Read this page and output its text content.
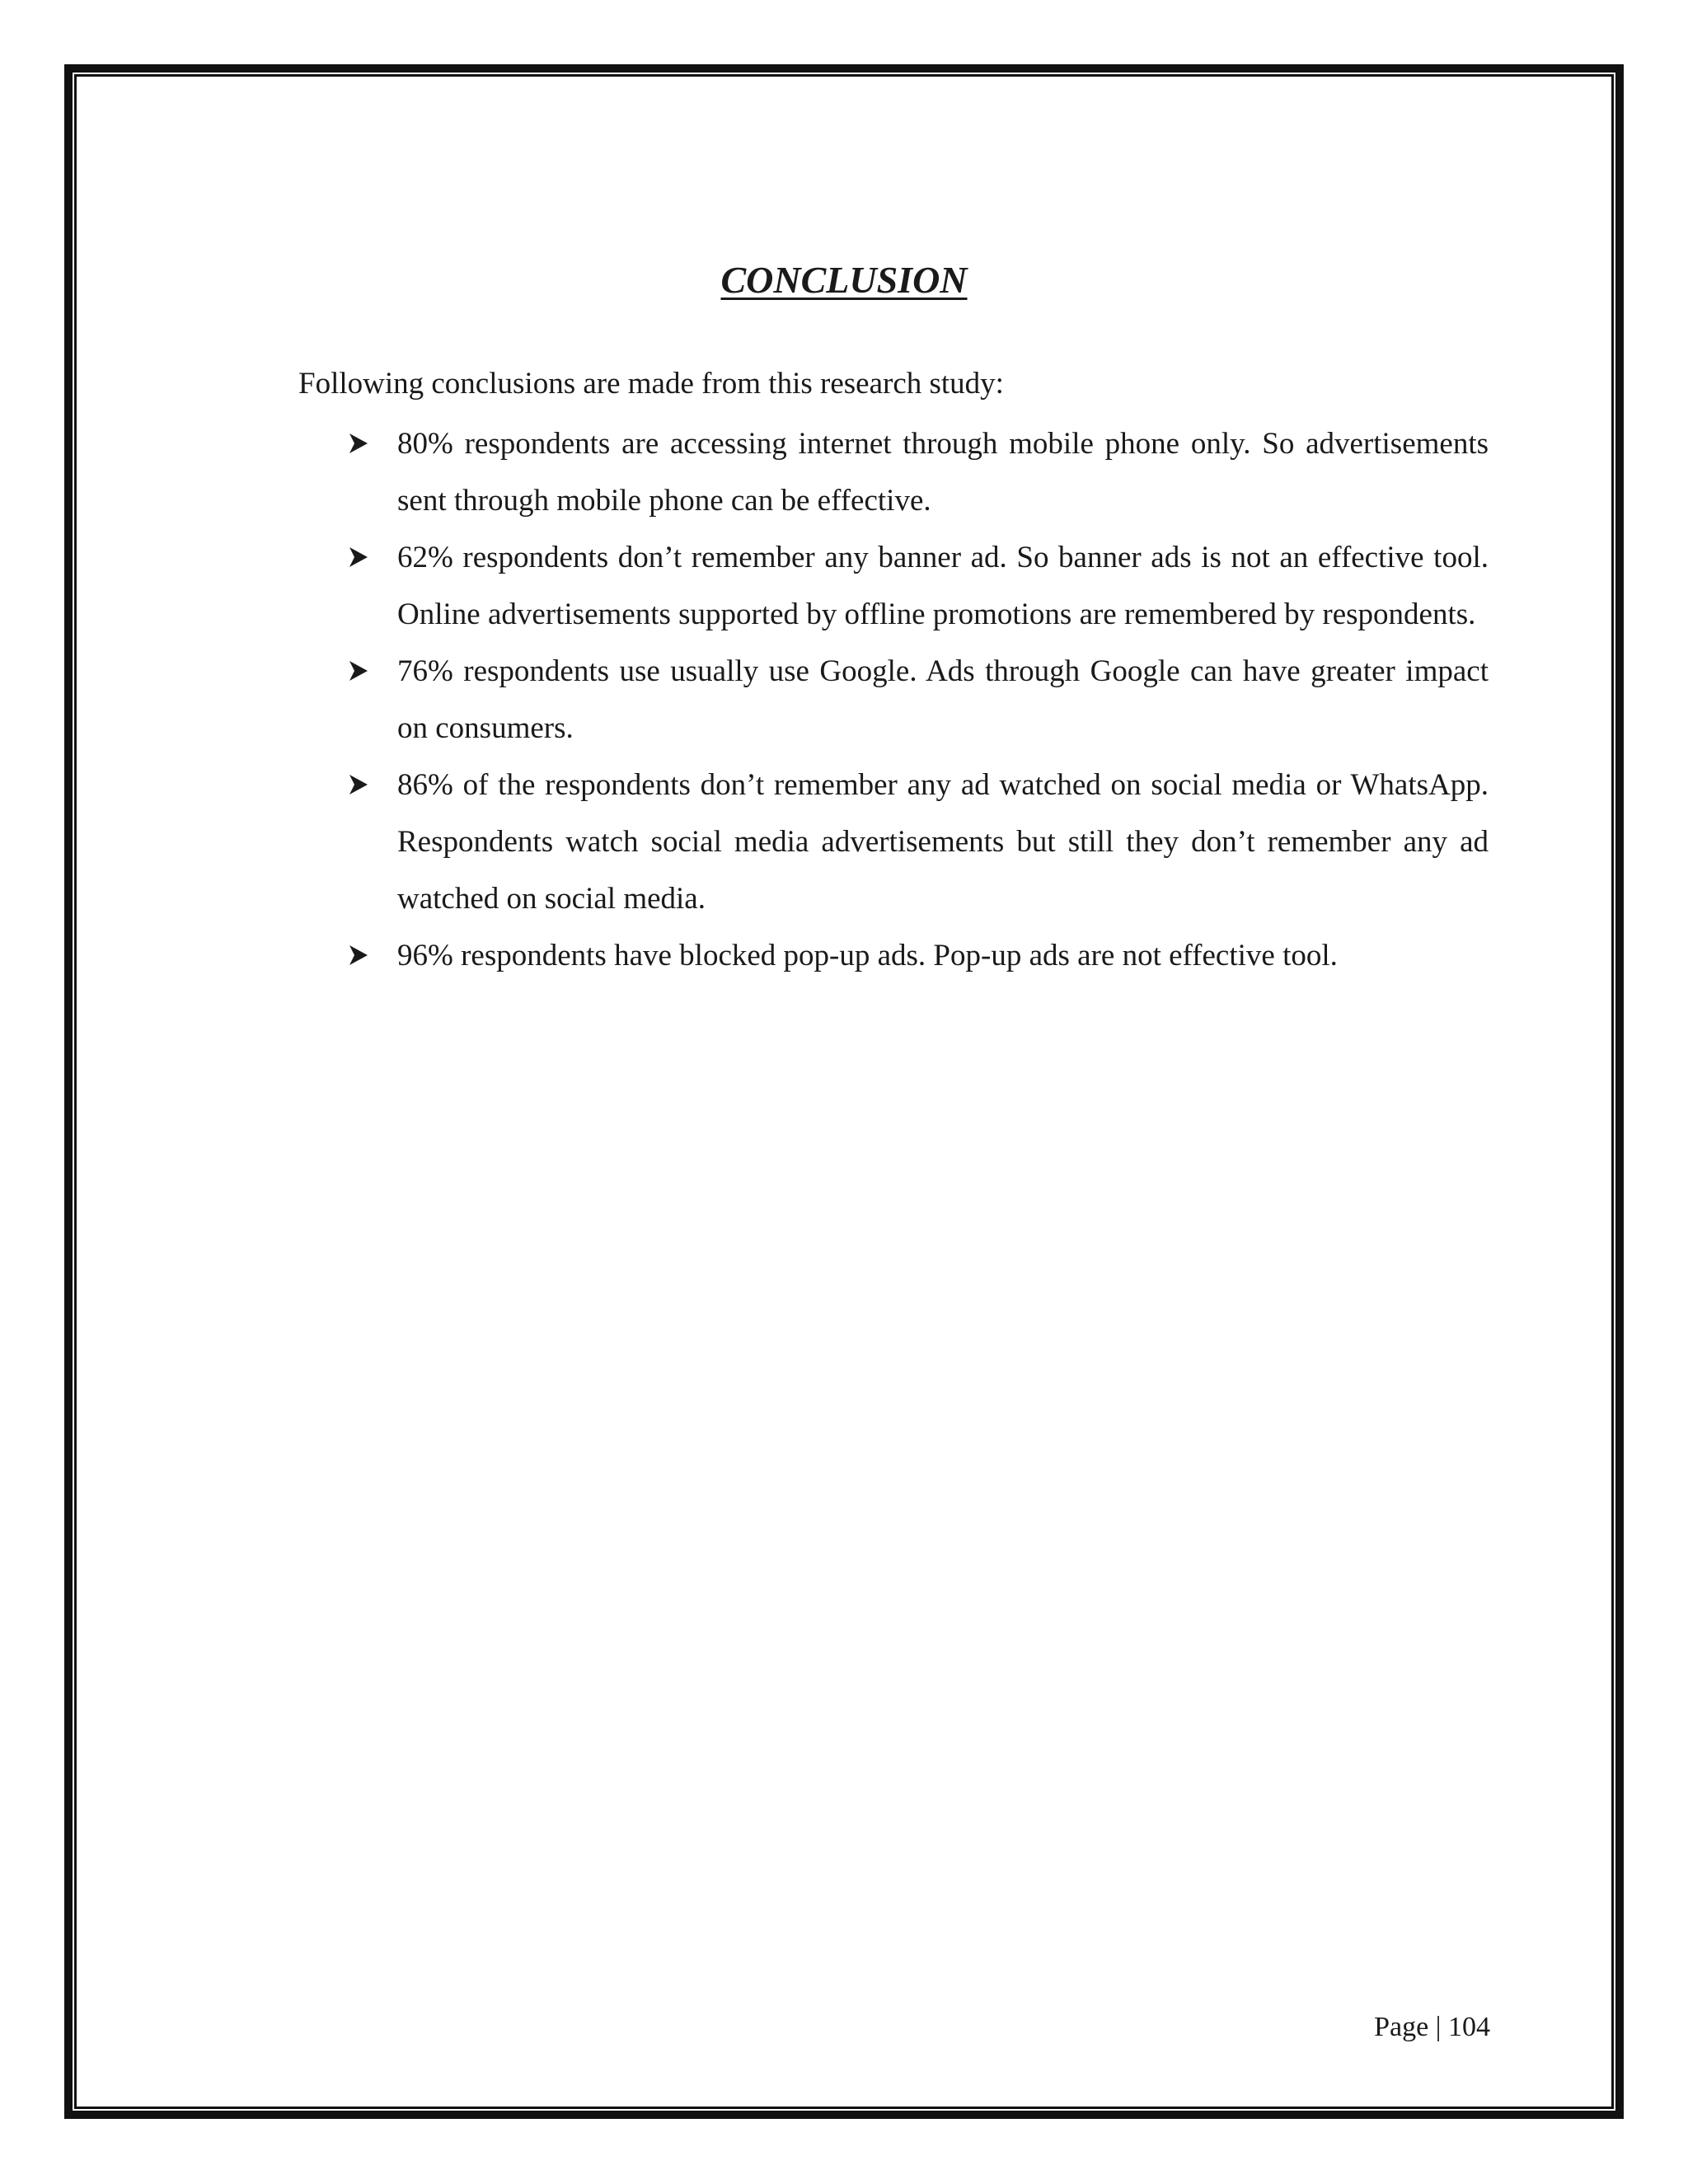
CONCLUSION
Following conclusions are made from this research study:
80% respondents are accessing internet through mobile phone only. So advertisements sent through mobile phone can be effective.
62% respondents don’t remember any banner ad. So banner ads is not an effective tool. Online advertisements supported by offline promotions are remembered by respondents.
76% respondents use usually use Google. Ads through Google can have greater impact on consumers.
86% of the respondents don’t remember any ad watched on social media or WhatsApp. Respondents watch social media advertisements but still they don’t remember any ad watched on social media.
96% respondents have blocked pop-up ads. Pop-up ads are not effective tool.
Page | 104
